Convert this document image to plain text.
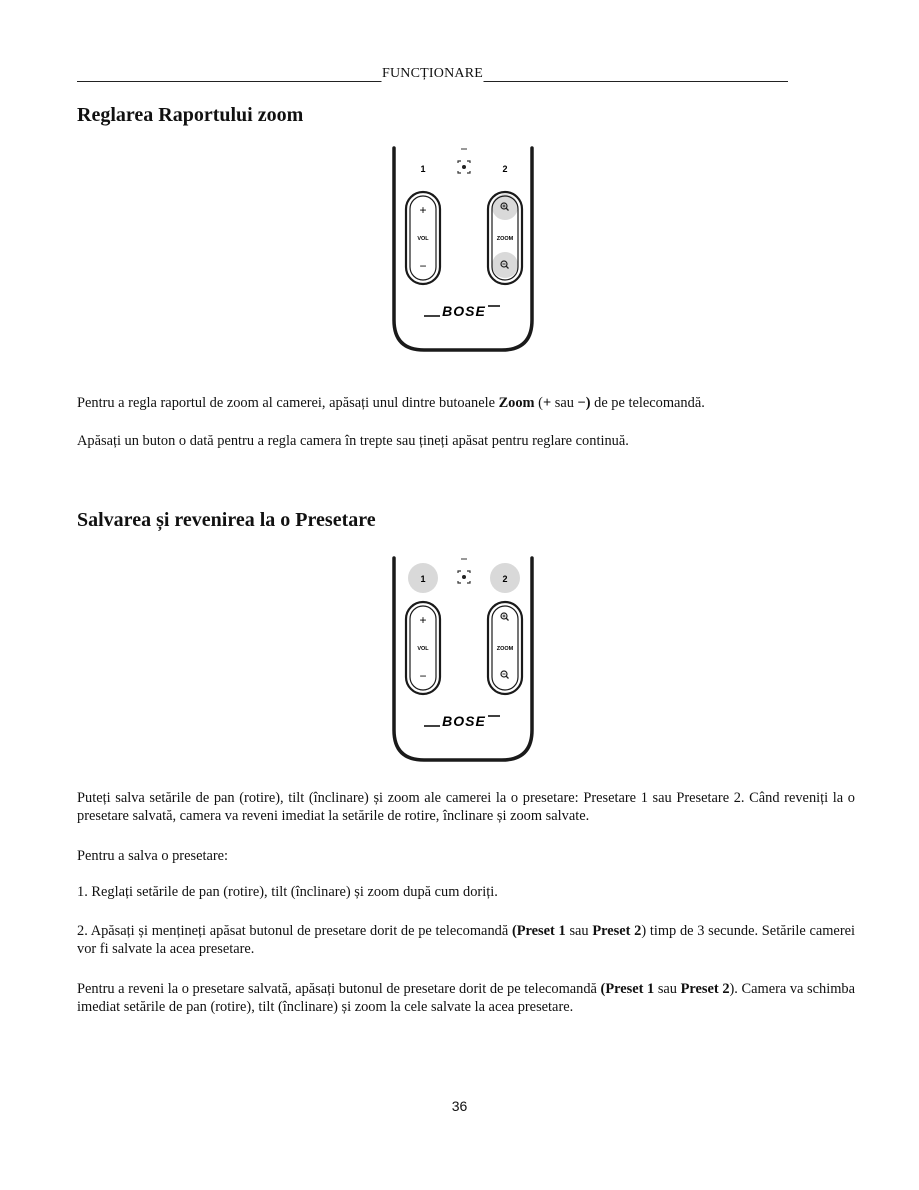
FUNCȚIONARE
Reglarea Raportului zoom
1	2
+
VOL
−
ZOOM
BOSE

Pentru a regla raportul de zoom al camerei, apăsați unul dintre butoanele Zoom (+ sau −) de pe telecomandă.

Apăsați un buton o dată pentru a regla camera în trepte sau țineți apăsat pentru reglare continuă.

Salvarea și revenirea la o Presetare
1	2
+
VOL
−
ZOOM
BOSE

Puteți salva setările de pan (rotire), tilt (înclinare) și zoom ale camerei la o presetare: Presetare 1 sau Presetare 2. Când reveniți la o presetare salvată, camera va reveni imediat la setările de rotire, înclinare și zoom salvate.

Pentru a salva o presetare:

1. Reglați setările de pan (rotire), tilt (înclinare) și zoom după cum doriți.

2. Apăsați și mențineți apăsat butonul de presetare dorit de pe telecomandă (Preset 1 sau Preset 2) timp de 3 secunde. Setările camerei vor fi salvate la acea presetare.

Pentru a reveni la o presetare salvată, apăsați butonul de presetare dorit de pe telecomandă (Preset 1 sau Preset 2). Camera va schimba imediat setările de pan (rotire), tilt (înclinare) și zoom la cele salvate la acea presetare.

36
